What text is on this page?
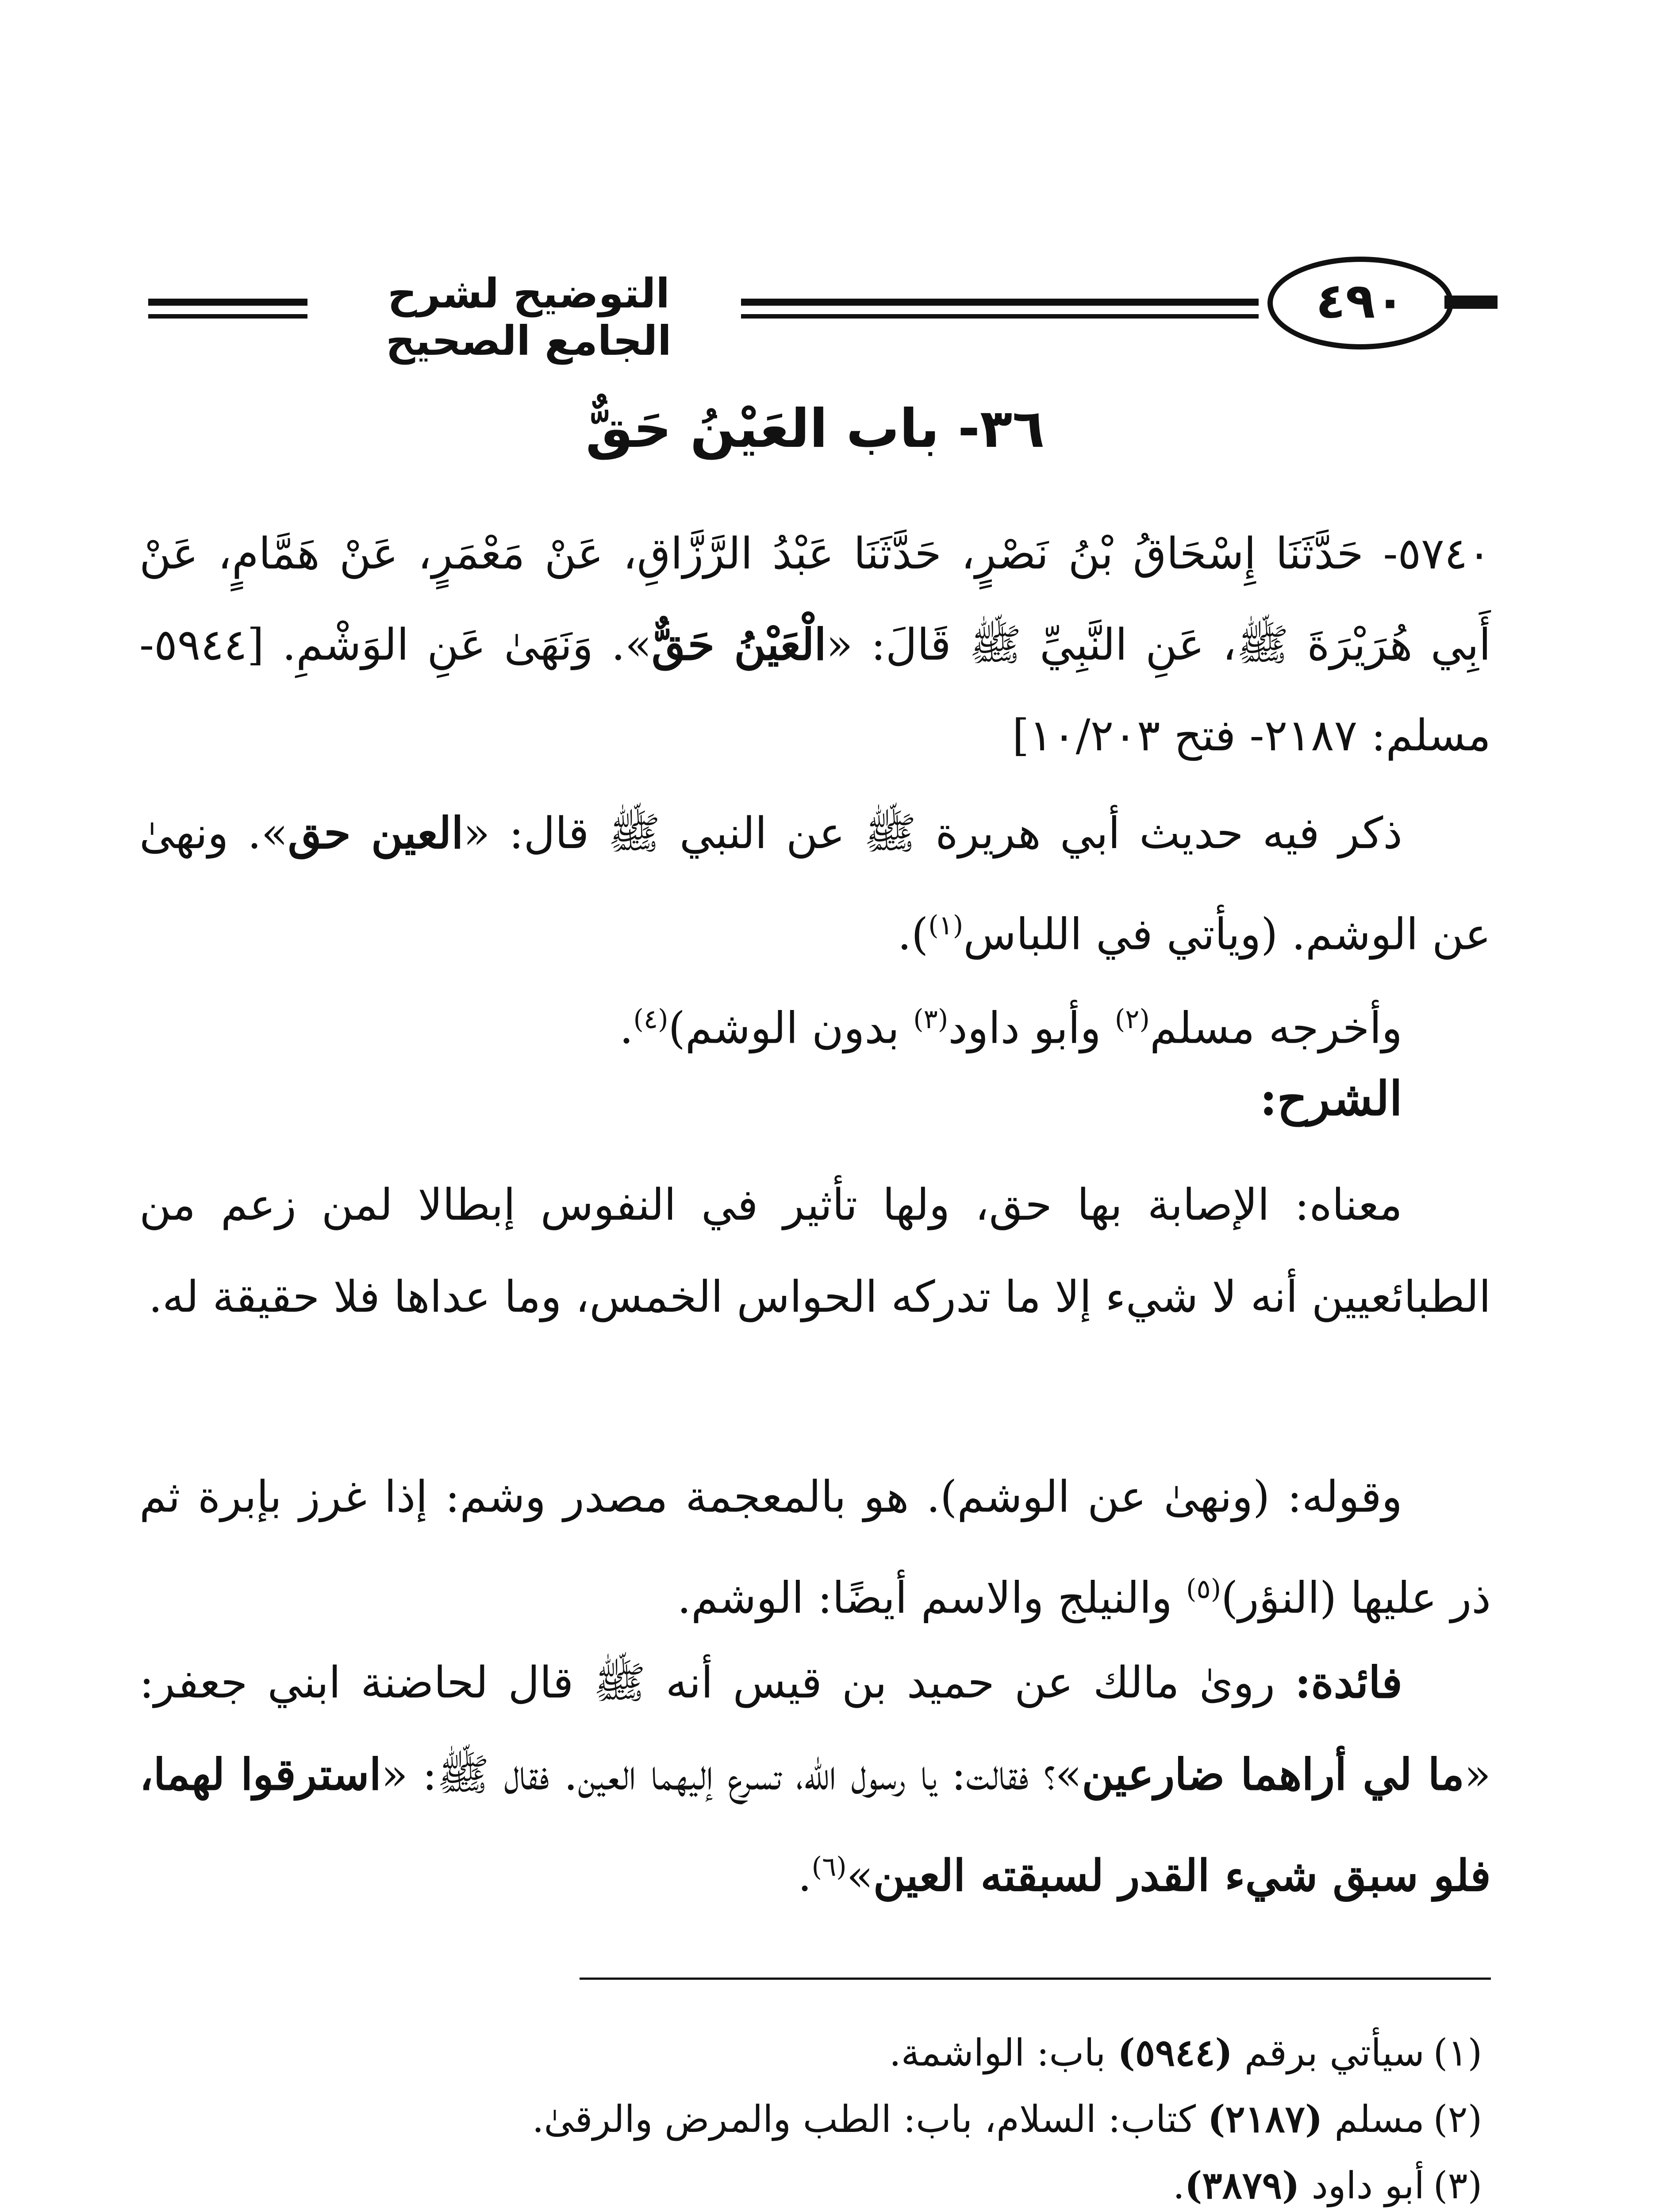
التوضيح لشرح الجامع الصحيح
٤٩٠
٣٦- باب العَيْنُ حَقٌّ
٥٧٤٠- حَدَّثَنَا إِسْحَاقُ بْنُ نَصْرٍ، حَدَّثَنَا عَبْدُ الرَّزَّاقِ، عَنْ مَعْمَرٍ، عَنْ هَمَّامٍ، عَنْ أَبِي هُرَيْرَةَ ﷺ، عَنِ النَّبِيِّ ﷺ قَالَ: «الْعَيْنُ حَقٌّ». وَنَهَىٰ عَنِ الوَشْمِ. [٥٩٤٤- مسلم: ٢١٨٧- فتح ١٠/٢٠٣]
ذكر فيه حديث أبي هريرة ﷺ عن النبي ﷺ قال: «العين حق». ونهىٰ عن الوشم. (ويأتي في اللباس$^{(١)}$).
وأخرجه مسلم$^{(٢)}$ وأبو داود$^{(٣)}$ بدون الوشم)$^{(٤)}$.
الشرح:
معناه: الإصابة بها حق، ولها تأثير في النفوس إبطالا لمن زعم من الطبائعيين أنه لا شيء إلا ما تدركه الحواس الخمس، وما عداها فلا حقيقة له.
وقوله: (ونهىٰ عن الوشم). هو بالمعجمة مصدر وشم: إذا غرز بإبرة ثم ذر عليها (النؤر)$^{(٥)}$ والنيلج والاسم أيضًا: الوشم.
فائدة: روىٰ مالك عن حميد بن قيس أنه ﷺ قال لحاضنة ابني جعفر: «ما لي أراهما ضارعين»؟ فقالت: يا رسول الله، تسرع إليهما العين. فقال ﷺ: «استرقوا لهما، فلو سبق شيء القدر لسبقته العين»$^{(٦)}$.
(١)سيأتي برقم (٥٩٤٤) باب: الواشمة.
(٢)مسلم (٢١٨٧) كتاب: السلام، باب: الطب والمرض والرقىٰ.
(٣)أبو داود (٣٨٧٩).
